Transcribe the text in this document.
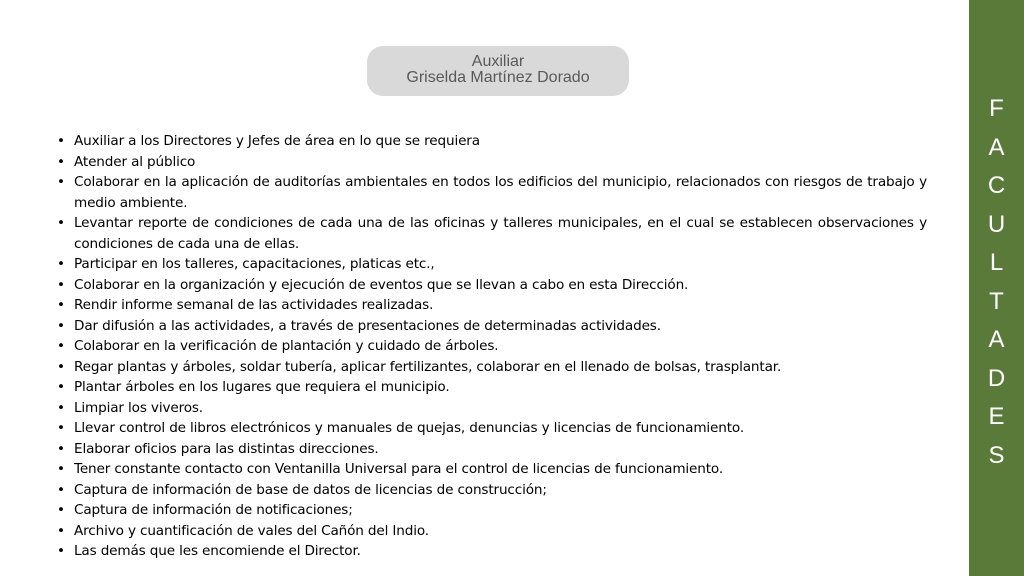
Auxiliar
Griselda Martínez Dorado
• Auxiliar a los Directores y Jefes de área en lo que se requiera
• Atender al público
• Colaborar en la aplicación de auditorías ambientales en todos los edificios del municipio, relacionados con riesgos de trabajo y medio ambiente.
• Levantar reporte de condiciones de cada una de las oficinas y talleres municipales, en el cual se establecen observaciones y condiciones de cada una de ellas.
• Participar en los talleres, capacitaciones, platicas etc.,
• Colaborar en la organización y ejecución de eventos que se llevan a cabo en esta Dirección.
• Rendir informe semanal de las actividades realizadas.
• Dar difusión a las actividades, a través de presentaciones de determinadas actividades.
• Colaborar en la verificación de plantación y cuidado de árboles.
• Regar plantas y árboles, soldar tubería, aplicar fertilizantes, colaborar en el llenado de bolsas, trasplantar.
• Plantar árboles en los lugares que requiera el municipio.
• Limpiar los viveros.
• Llevar control de libros electrónicos y manuales de quejas, denuncias y licencias de funcionamiento.
• Elaborar oficios para las distintas direcciones.
• Tener constante contacto con Ventanilla Universal para el control de licencias de funcionamiento.
• Captura de información de base de datos de licencias de construcción;
• Captura de información de notificaciones;
• Archivo y cuantificación de vales del Cañón del Indio.
• Las demás que les encomiende el Director.
F
A
C
U
L
T
A
D
E
S
